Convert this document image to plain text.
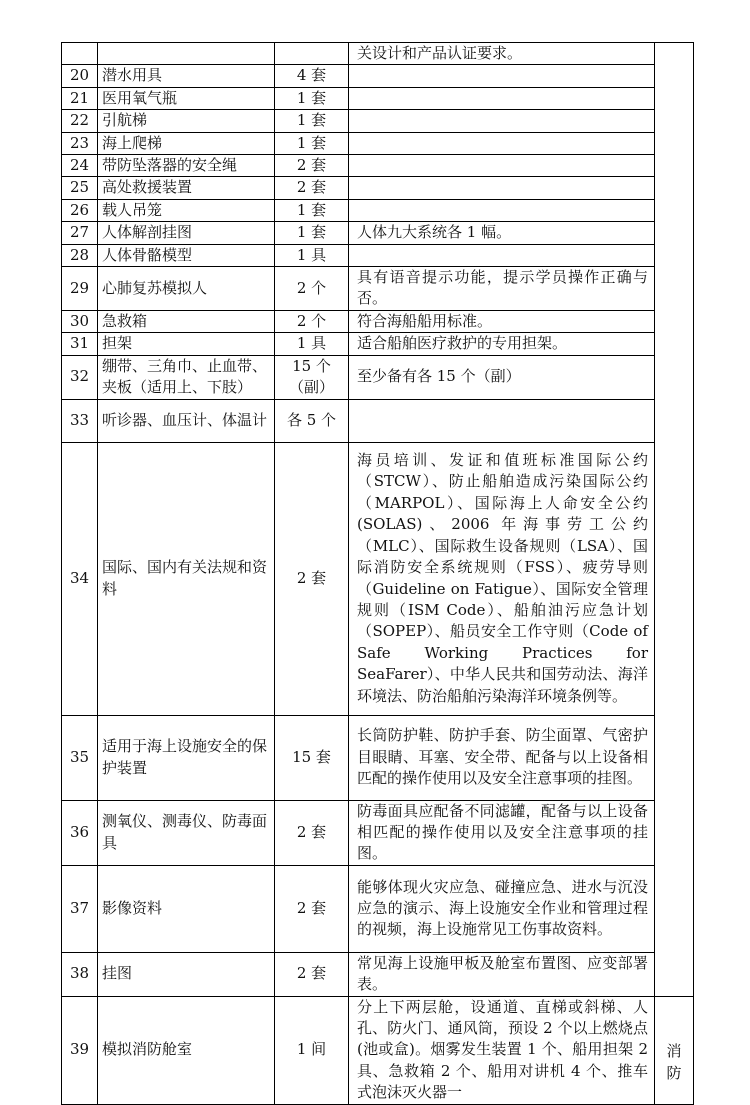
			关设计和产品认证要求。	
20	潜水用具	4 套		
21	医用氧气瓶	1 套		
22	引航梯	1 套		
23	海上爬梯	1 套		
24	带防坠落器的安全绳	2 套		
25	高处救援装置	2 套		
26	载人吊笼	1 套		
27	人体解剖挂图	1 套	人体九大系统各 1 幅。	
28	人体骨骼模型	1 具		
29	心肺复苏模拟人	2 个	具有语音提示功能，提示学员操作正确与否。	
30	急救箱	2 个	符合海船船用标准。	
31	担架	1 具	适合船舶医疗救护的专用担架。	
32	绷带、三角巾、止血带、夹板（适用上、下肢）	15 个（副）	至少备有各 15 个（副）	
33	听诊器、血压计、体温计	各 5 个		
34	国际、国内有关法规和资料	2 套	海员培训、发证和值班标准国际公约（STCW）、防止船舶造成污染国际公约（MARPOL）、国际海上人命安全公约(SOLAS)、2006 年海事劳工公约（MLC）、国际救生设备规则（LSA）、国际消防安全系统规则（FSS）、疲劳导则（Guideline on Fatigue）、国际安全管理规则（ISM Code）、船舶油污应急计划（SOPEP）、船员安全工作守则（Code of Safe Working Practices for SeaFarer）、中华人民共和国劳动法、海洋环境法、防治船舶污染海洋环境条例等。	
35	适用于海上设施安全的保护装置	15 套	长筒防护鞋、防护手套、防尘面罩、气密护目眼睛、耳塞、安全带、配备与以上设备相匹配的操作使用以及安全注意事项的挂图。	
36	测氧仪、测毒仪、防毒面具	2 套	防毒面具应配备不同滤罐，配备与以上设备相匹配的操作使用以及安全注意事项的挂图。	
37	影像资料	2 套	能够体现火灾应急、碰撞应急、进水与沉没应急的演示、海上设施安全作业和管理过程的视频，海上设施常见工伤事故资料。	
38	挂图	2 套	常见海上设施甲板及舱室布置图、应变部署表。	
39	模拟消防舱室	1 间	分上下两层舱，设通道、直梯或斜梯、人孔、防火门、通风筒，预设 2 个以上燃烧点(池或盒)。烟雾发生装置 1 个、船用担架 2 具、急救箱 2 个、船用对讲机 4 个、推车式泡沫灭火器一	消防
